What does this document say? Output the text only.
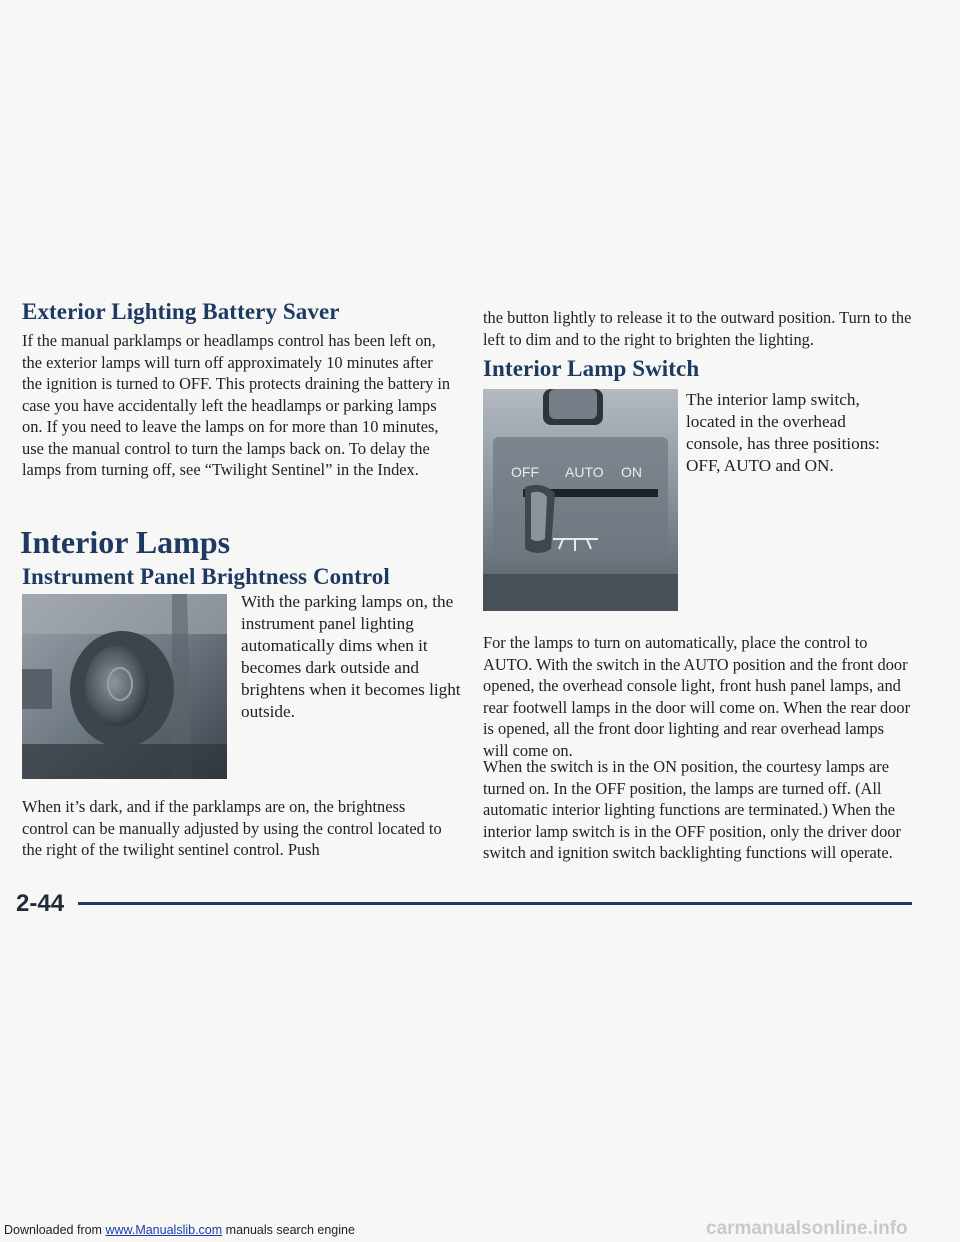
Exterior Lighting Battery Saver

If the manual parklamps or headlamps control has been left on, the exterior lamps will turn off approximately 10 minutes after the ignition is turned to OFF. This protects draining the battery in case you have accidentally left the headlamps or parking lamps on. If you need to leave the lamps on for more than 10 minutes, use the manual control to turn the lamps back on. To delay the lamps from turning off, see “Twilight Sentinel” in the Index.

Interior Lamps
Instrument Panel Brightness Control

With the parking lamps on, the instrument panel lighting automatically dims when it becomes dark outside and brightens when it becomes light outside.

When it’s dark, and if the parklamps are on, the brightness control can be manually adjusted by using the control located to the right of the twilight sentinel control. Push

the button lightly to release it to the outward position. Turn to the left to dim and to the right to brighten the lighting.

Interior Lamp Switch
OFF AUTO ON

The interior lamp switch, located in the overhead console, has three positions: OFF, AUTO and ON.

For the lamps to turn on automatically, place the control to AUTO. With the switch in the AUTO position and the front door opened, the overhead console light, front hush panel lamps, and rear footwell lamps in the door will come on. When the rear door is opened, all the front door lighting and rear overhead lamps will come on.

When the switch is in the ON position, the courtesy lamps are turned on. In the OFF position, the lamps are turned off. (All automatic interior lighting functions are terminated.) When the interior lamp switch is in the OFF position, only the driver door switch and ignition switch backlighting functions will operate.

2-44
Downloaded from www.Manualslib.com manuals search engine	carmanualsonline.info
